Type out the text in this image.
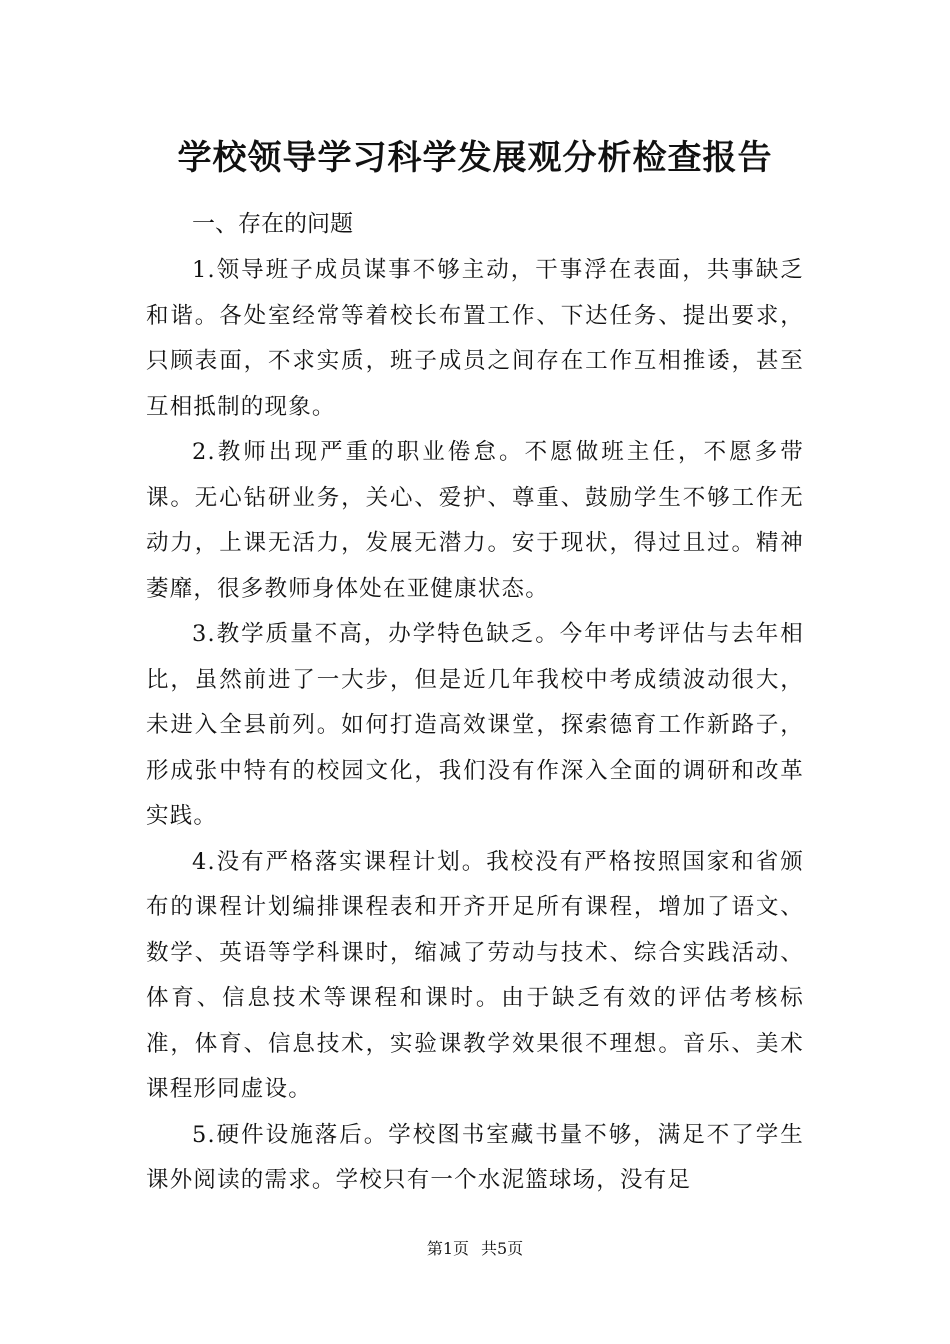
学校领导学习科学发展观分析检查报告
一、存在的问题

1.领导班子成员谋事不够主动，干事浮在表面，共事缺乏和谐。各处室经常等着校长布置工作、下达任务、提出要求，只顾表面，不求实质，班子成员之间存在工作互相推诿，甚至互相抵制的现象。

2.教师出现严重的职业倦怠。不愿做班主任，不愿多带课。无心钻研业务，关心、爱护、尊重、鼓励学生不够工作无动力，上课无活力，发展无潜力。安于现状，得过且过。精神萎靡，很多教师身体处在亚健康状态。

3.教学质量不高，办学特色缺乏。今年中考评估与去年相比，虽然前进了一大步，但是近几年我校中考成绩波动很大，未进入全县前列。如何打造高效课堂，探索德育工作新路子，形成张中特有的校园文化，我们没有作深入全面的调研和改革实践。

4.没有严格落实课程计划。我校没有严格按照国家和省颁布的课程计划编排课程表和开齐开足所有课程，增加了语文、数学、英语等学科课时，缩减了劳动与技术、综合实践活动、体育、信息技术等课程和课时。由于缺乏有效的评估考核标准，体育、信息技术，实验课教学效果很不理想。音乐、美术课程形同虚设。

5.硬件设施落后。学校图书室藏书量不够，满足不了学生课外阅读的需求。学校只有一个水泥篮球场，没有足

第1页 共5页
